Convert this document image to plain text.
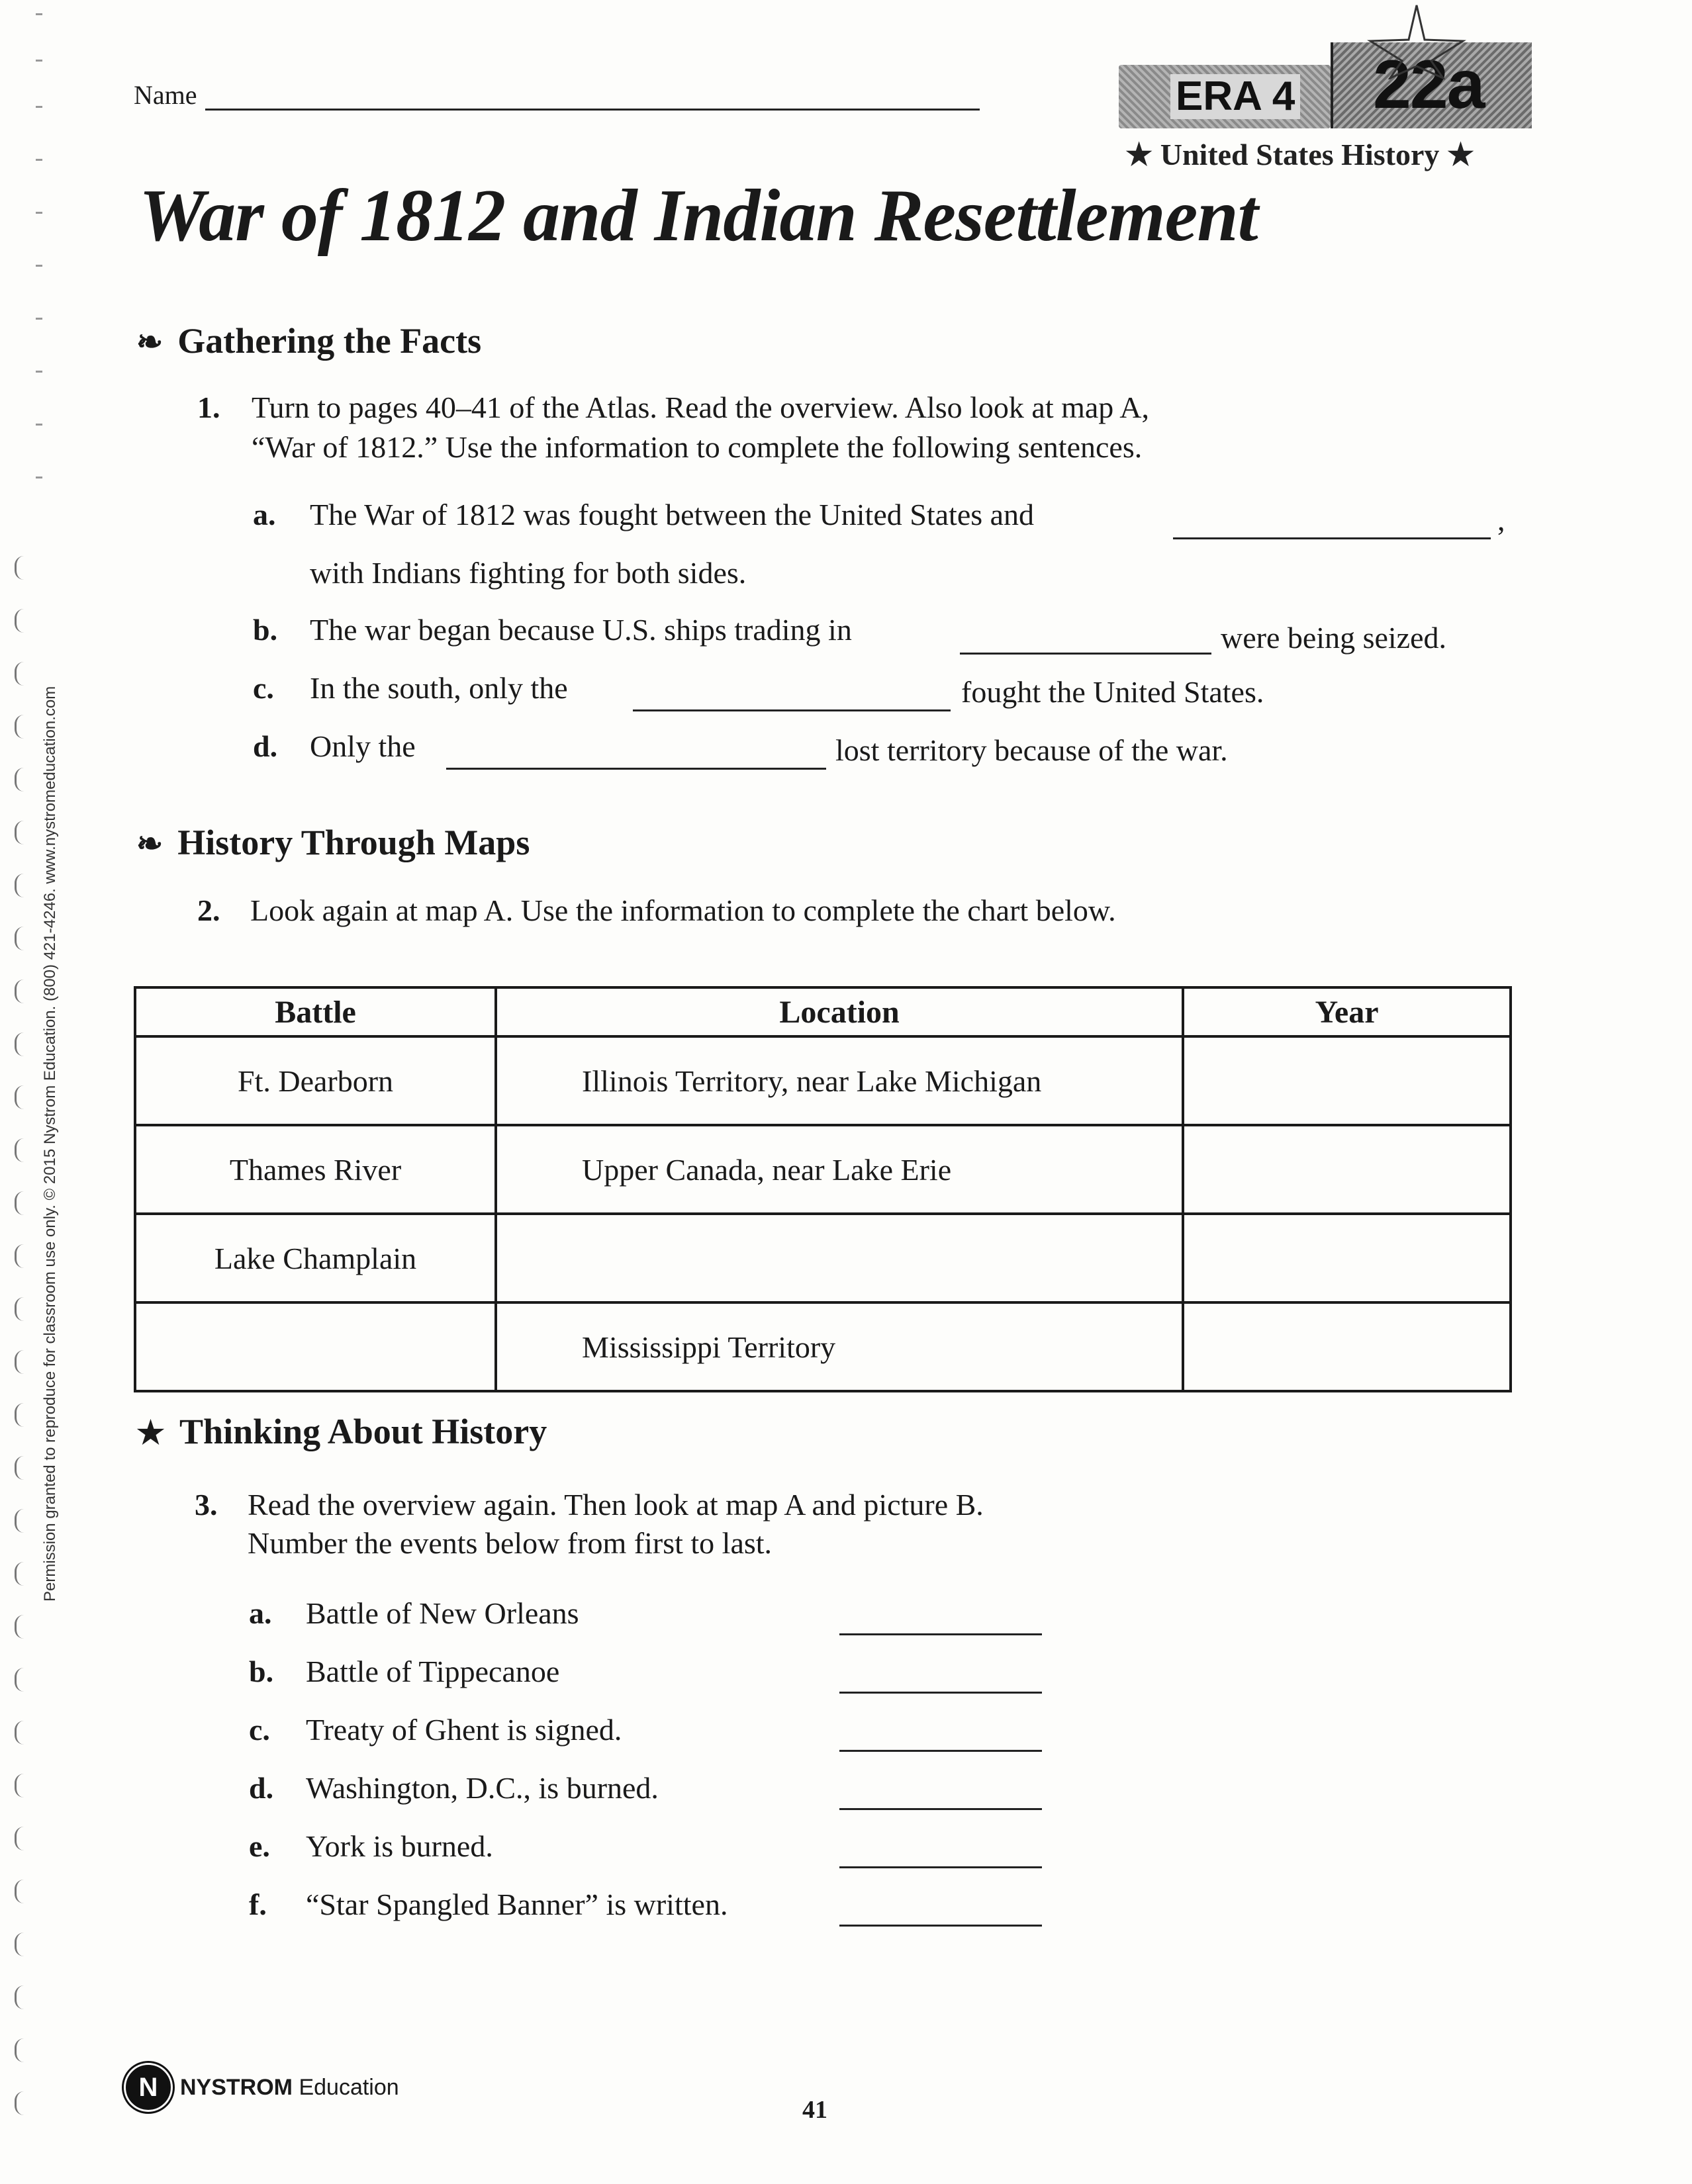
Permission granted to reproduce for classroom use only. © 2015 Nystrom Education. (800) 421-4246. www.nystromeducation.com
Name	ERA 4 22a
★ United States History ★
War of 1812 and Indian Resettlement
❧ Gathering the Facts
1. Turn to pages 40–41 of the Atlas. Read the overview. Also look at map A,
“War of 1812.” Use the information to complete the following sentences.
a. The War of 1812 was fought between the United States and	,
with Indians fighting for both sides.
b. The war began because U.S. ships trading in	were being seized.
c. In the south, only the	fought the United States.
d. Only the	lost territory because of the war.
❧ History Through Maps
2. Look again at map A. Use the information to complete the chart below.
Battle	Location	Year
Ft. Dearborn	Illinois Territory, near Lake Michigan	
Thames River	Upper Canada, near Lake Erie	
Lake Champlain		
	Mississippi Territory	
★ Thinking About History
3. Read the overview again. Then look at map A and picture B.
Number the events below from first to last.
a. Battle of New Orleans
b. Battle of Tippecanoe
c. Treaty of Ghent is signed.
d. Washington, D.C., is burned.
e. York is burned.
f. “Star Spangled Banner” is written.
N NYSTROM Education
41
